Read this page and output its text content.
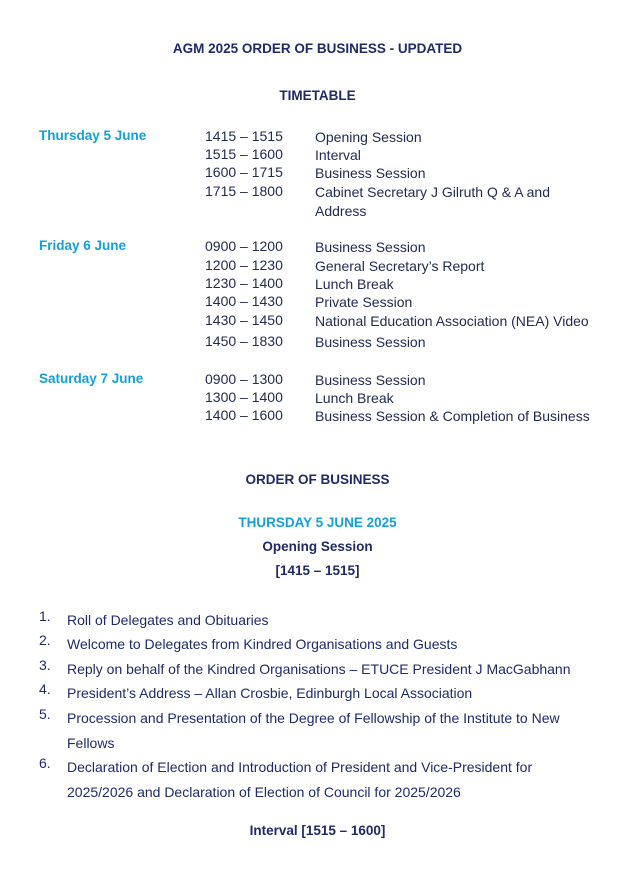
AGM 2025 ORDER OF BUSINESS - UPDATED
TIMETABLE
Thursday 5 June	1415 – 1515 Opening Session
1515 – 1600 Interval
1600 – 1715 Business Session
1715 – 1800 Cabinet Secretary J Gilruth Q & A and Address
Friday 6 June	0900 – 1200 Business Session
1200 – 1230 General Secretary’s Report
1230 – 1400 Lunch Break
1400 – 1430 Private Session
1430 – 1450 National Education Association (NEA) Video
1450 – 1830 Business Session
Saturday 7 June	0900 – 1300 Business Session
1300 – 1400 Lunch Break
1400 – 1600 Business Session & Completion of Business
ORDER OF BUSINESS
THURSDAY 5 JUNE 2025
Opening Session
[1415 – 1515]
1. Roll of Delegates and Obituaries
2. Welcome to Delegates from Kindred Organisations and Guests
3. Reply on behalf of the Kindred Organisations – ETUCE President J MacGabhann
4. President’s Address – Allan Crosbie, Edinburgh Local Association
5. Procession and Presentation of the Degree of Fellowship of the Institute to New Fellows
6. Declaration of Election and Introduction of President and Vice-President for 2025/2026 and Declaration of Election of Council for 2025/2026
Interval [1515 – 1600]
